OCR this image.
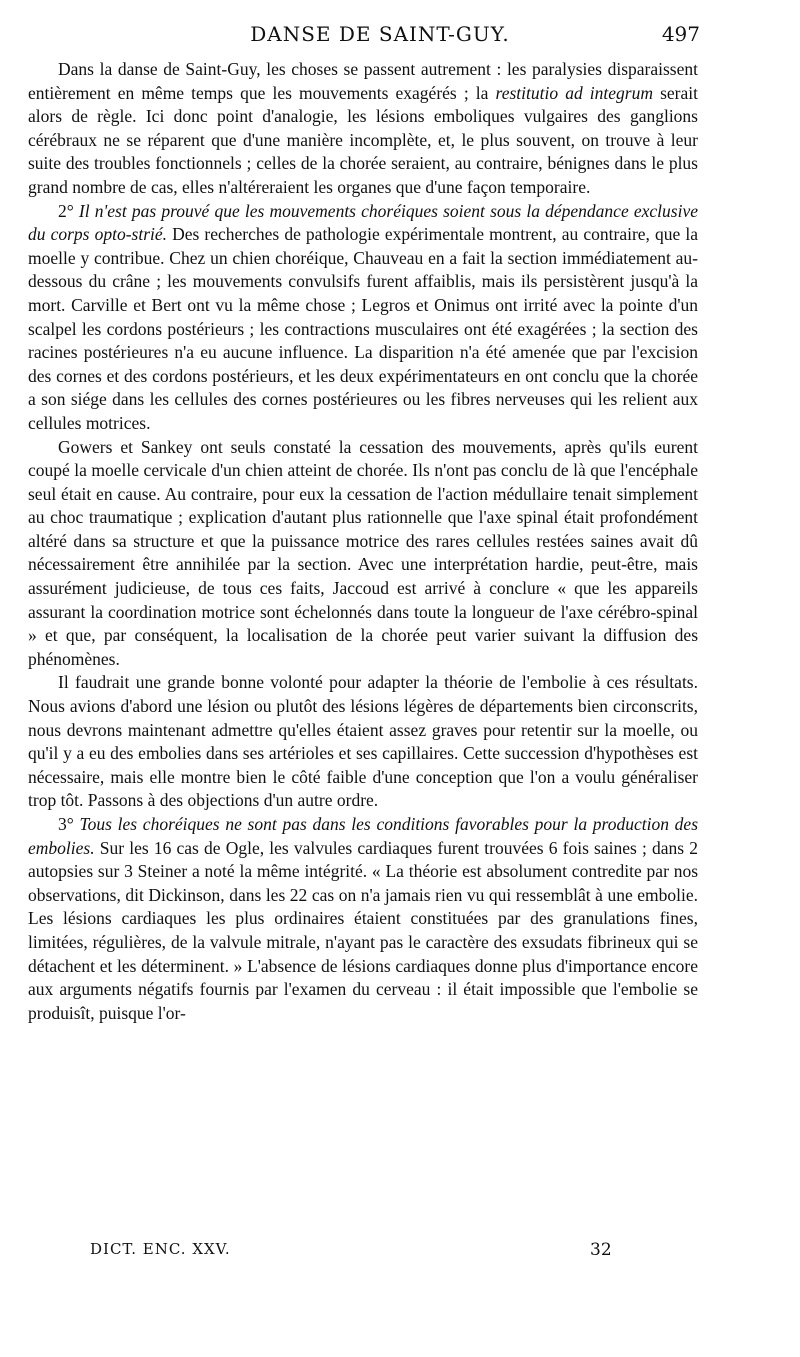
DANSE DE SAINT-GUY.	497

Dans la danse de Saint-Guy, les choses se passent autrement : les paralysies disparaissent entièrement en même temps que les mouvements exagérés ; la restitutio ad integrum serait alors de règle. Ici donc point d'analogie, les lésions emboliques vulgaires des ganglions cérébraux ne se réparent que d'une manière incomplète, et, le plus souvent, on trouve à leur suite des troubles fonctionnels ; celles de la chorée seraient, au contraire, bénignes dans le plus grand nombre de cas, elles n'altéreraient les organes que d'une façon temporaire.

2° Il n'est pas prouvé que les mouvements choréiques soient sous la dépendance exclusive du corps opto-strié. Des recherches de pathologie expérimentale montrent, au contraire, que la moelle y contribue. Chez un chien choréique, Chauveau en a fait la section immédiatement au-dessous du crâne ; les mouvements convulsifs furent affaiblis, mais ils persistèrent jusqu'à la mort. Carville et Bert ont vu la même chose ; Legros et Onimus ont irrité avec la pointe d'un scalpel les cordons postérieurs ; les contractions musculaires ont été exagérées ; la section des racines postérieures n'a eu aucune influence. La disparition n'a été amenée que par l'excision des cornes et des cordons postérieurs, et les deux expérimentateurs en ont conclu que la chorée a son siége dans les cellules des cornes postérieures ou les fibres nerveuses qui les relient aux cellules motrices.

Gowers et Sankey ont seuls constaté la cessation des mouvements, après qu'ils eurent coupé la moelle cervicale d'un chien atteint de chorée. Ils n'ont pas conclu de là que l'encéphale seul était en cause. Au contraire, pour eux la cessation de l'action médullaire tenait simplement au choc traumatique ; explication d'autant plus rationnelle que l'axe spinal était profondément altéré dans sa structure et que la puissance motrice des rares cellules restées saines avait dû nécessairement être annihilée par la section. Avec une interprétation hardie, peut-être, mais assurément judicieuse, de tous ces faits, Jaccoud est arrivé à conclure « que les appareils assurant la coordination motrice sont échelonnés dans toute la longueur de l'axe cérébro-spinal » et que, par conséquent, la localisation de la chorée peut varier suivant la diffusion des phénomènes.

Il faudrait une grande bonne volonté pour adapter la théorie de l'embolie à ces résultats. Nous avions d'abord une lésion ou plutôt des lésions légères de départements bien circonscrits, nous devrons maintenant admettre qu'elles étaient assez graves pour retentir sur la moelle, ou qu'il y a eu des embolies dans ses artérioles et ses capillaires. Cette succession d'hypothèses est nécessaire, mais elle montre bien le côté faible d'une conception que l'on a voulu généraliser trop tôt. Passons à des objections d'un autre ordre.

3° Tous les choréiques ne sont pas dans les conditions favorables pour la production des embolies. Sur les 16 cas de Ogle, les valvules cardiaques furent trouvées 6 fois saines ; dans 2 autopsies sur 3 Steiner a noté la même intégrité. « La théorie est absolument contredite par nos observations, dit Dickinson, dans les 22 cas on n'a jamais rien vu qui ressemblât à une embolie. Les lésions cardiaques les plus ordinaires étaient constituées par des granulations fines, limitées, régulières, de la valvule mitrale, n'ayant pas le caractère des exsudats fibrineux qui se détachent et les déterminent. » L'absence de lésions cardiaques donne plus d'importance encore aux arguments négatifs fournis par l'examen du cerveau : il était impossible que l'embolie se produisît, puisque l'or-

DICT. ENC. XXV.	32
